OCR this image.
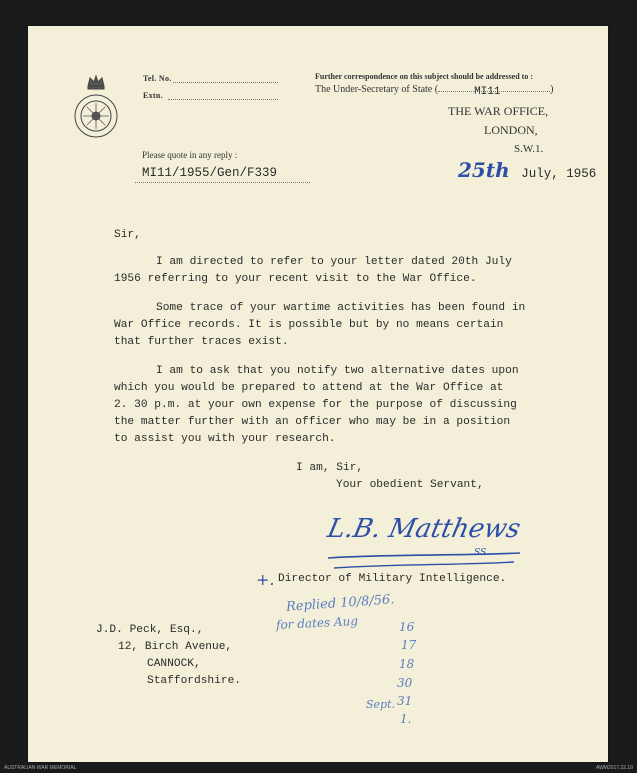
Tel. No.
Extn.
Further correspondence on this subject should be addressed to :
The Under-Secretary of State (	MI11	)
THE WAR OFFICE,
LONDON,
S.W.1.
Please quote in any reply :
MI11/1955/Gen/F339	25th July, 1956
Sir,
I am directed to refer to your letter dated 20th July
1956 referring to your recent visit to the War Office.
Some trace of your wartime activities has been found in
War Office records. It is possible but by no means certain
that further traces exist.
I am to ask that you notify two alternative dates upon
which you would be prepared to attend at the War Office at
2. 30 p.m. at your own expense for the purpose of discussing
the matter further with an officer who may be in a position
to assist you with your research.
I am, Sir,
Your obedient Servant,
L.B. Matthews
SS.
+. Director of Military Intelligence.
J.D. Peck, Esq.,
12, Birch Avenue,
CANNOCK,
Staffordshire.
Replied 10/8/56.
for dates Aug	16
17
18
30
31
Sept.
1.
AUSTRALIAN WAR MEMORIAL	AWM2017.22.18
